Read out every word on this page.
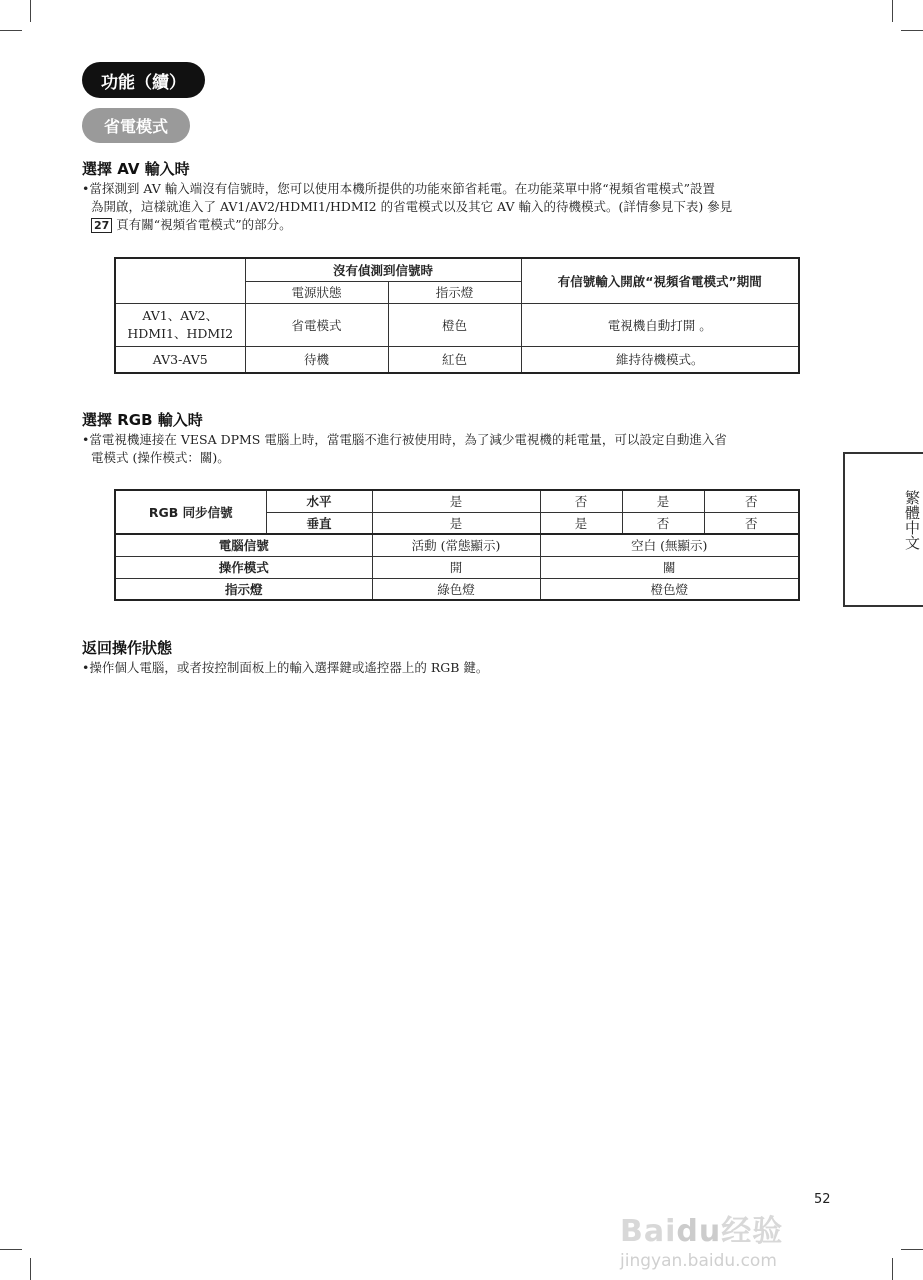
功能（續）
省電模式
選擇 AV 輸入時
•當探測到 AV 輸入端沒有信號時，您可以使用本機所提供的功能來節省耗電。在功能菜單中將“視頻省電模式”設置
為開啟，這樣就進入了 AV1/AV2/HDMI1/HDMI2 的省電模式以及其它 AV 輸入的待機模式。(詳情參見下表) 參見
27 頁有關“視頻省電模式”的部分。
	沒有偵測到信號時		有信號輸入開啟“視頻省電模式”期間
	電源狀態	指示燈	
AV1、AV2、HDMI1、HDMI2	省電模式	橙色	電視機自動打開 。
AV3-AV5	待機	紅色	維持待機模式。
選擇 RGB 輸入時
•當電視機連接在 VESA DPMS 電腦上時，當電腦不進行被使用時，為了減少電視機的耗電量，可以設定自動進入省
電模式 (操作模式：關)。
RGB 同步信號	水平	是	否	是	否
	垂直	是	是	否	否
電腦信號		活動 (常態顯示)	空白 (無顯示)		
操作模式		開	關		
指示燈		綠色燈	橙色燈		
返回操作狀態
•操作個人電腦，或者按控制面板上的輸入選擇鍵或遙控器上的 RGB 鍵。
繁體中文
52
Baidu经验
jingyan.baidu.com
